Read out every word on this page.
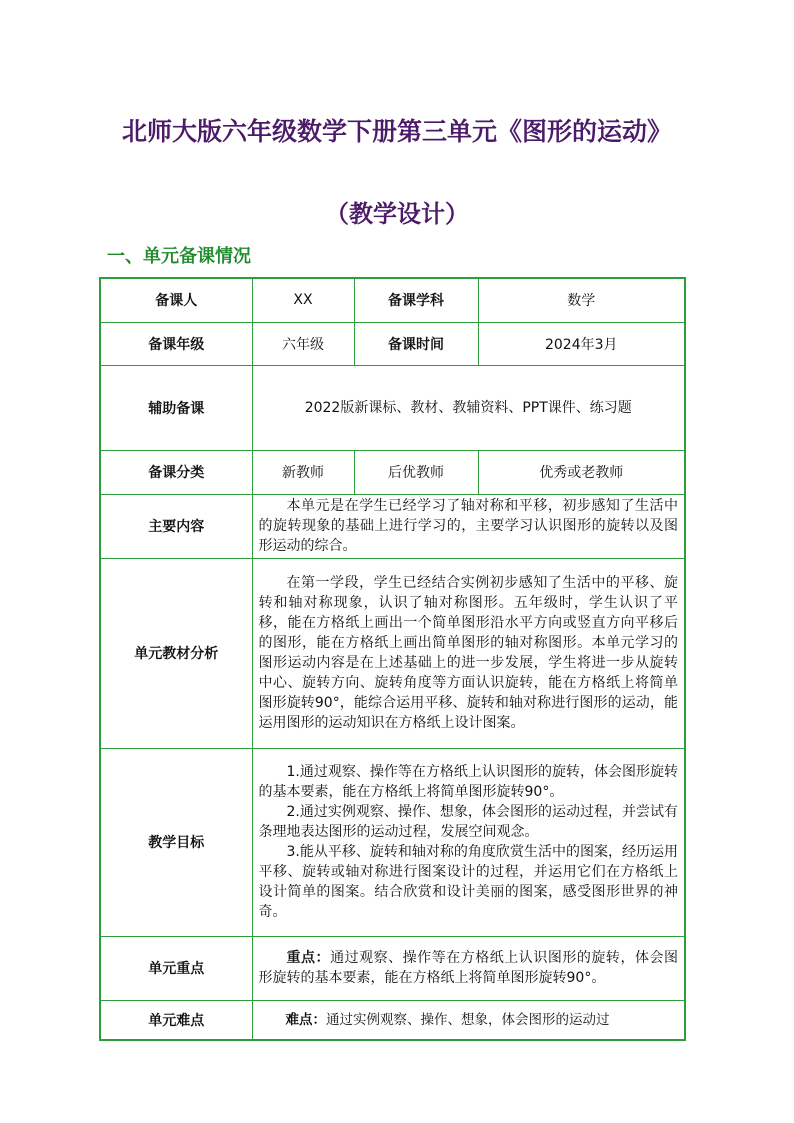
北师大版六年级数学下册第三单元《图形的运动》
（教学设计）
一、单元备课情况
备课人	XX	备课学科	数学
备课年级	六年级	备课时间	2024年3月
辅助备课	2022版新课标、教材、教辅资料、PPT课件、练习题		
备课分类	新教师	后优教师	优秀或老教师
主要内容	本单元是在学生已经学习了轴对称和平移，初步感知了生活中的旋转现象的基础上进行学习的，主要学习认识图形的旋转以及图形运动的综合。		

单元教材分析	在第一学段，学生已经结合实例初步感知了生活中的平移、旋转和轴对称现象，认识了轴对称图形。五年级时，学生认识了平移，能在方格纸上画出一个简单图形沿水平方向或竖直方向平移后的图形，能在方格纸上画出简单图形的轴对称图形。本单元学习的图形运动内容是在上述基础上的进一步发展，学生将进一步从旋转中心、旋转方向、旋转角度等方面认识旋转，能在方格纸上将简单图形旋转90°，能综合运用平移、旋转和轴对称进行图形的运动，能运用图形的运动知识在方格纸上设计图案。		

教学目标	1.通过观察、操作等在方格纸上认识图形的旋转，体会图形旋转的基本要素，能在方格纸上将简单图形旋转90°。

2.通过实例观察、操作、想象，体会图形的运动过程，并尝试有条理地表达图形的运动过程，发展空间观念。

3.能从平移、旋转和轴对称的角度欣赏生活中的图案，经历运用平移、旋转或轴对称进行图案设计的过程，并运用它们在方格纸上设计简单的图案。结合欣赏和设计美丽的图案，感受图形世界的神奇。		

单元重点	重点：通过观察、操作等在方格纸上认识图形的旋转，体会图形旋转的基本要素，能在方格纸上将简单图形旋转90°。		

单元难点	难点：通过实例观察、操作、想象，体会图形的运动过		
